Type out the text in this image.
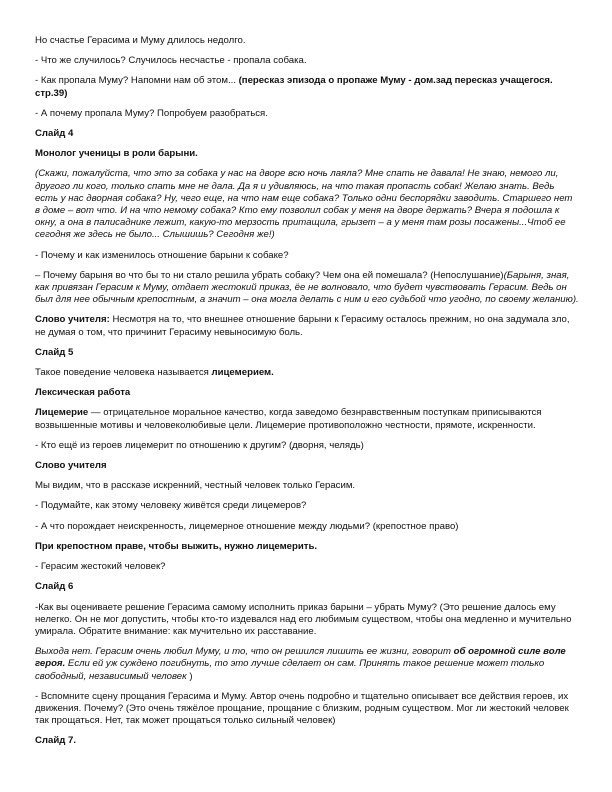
Но счастье Герасима и Муму длилось недолго.

- Что же случилось? Случилось несчастье - пропала собака.

- Как пропала Муму? Напомни нам об этом... (пересказ эпизода о пропаже Муму - дом.зад пересказ учащегося. стр.39)

- А почему пропала Муму? Попробуем разобраться.

Слайд 4

Монолог ученицы в роли барыни.

(Скажи, пожалуйста, что это за собака у нас на дворе всю ночь лаяла? Мне спать не давала! Не знаю, немого ли, другого ли кого, только спать мне не дала. Да я и удивляюсь, на что такая пропасть собак! Желаю знать. Ведь есть у нас дворная собака? Ну, чего еще, на что нам еще собака? Только одни беспорядки заводить. Старшего нет в доме – вот что. И на что немому собака? Кто ему позволил собак у меня на дворе держать? Вчера я подошла к окну, а она в палисаднике лежит, какую-то мерзость притащила, грызет – а у меня там розы посажены...Чтоб ее сегодня же здесь не было... Слышишь? Сегодня же!)

- Почему и как изменилось отношение барыни к собаке?

– Почему барыня во что бы то ни стало решила убрать собаку? Чем она ей помешала? (Непослушание)(Барыня, зная, как привязан Герасим к Муму, отдает жестокий приказ, ёе не волновало, что будет чувствовать Герасим. Ведь он был для нее обычным крепостным, а значит – она могла делать с ним и его судьбой что угодно, по своему желанию).

Слово учителя: Несмотря на то, что внешнее отношение барыни к Герасиму осталось прежним, но она задумала зло, не думая о том, что причинит Герасиму невыносимую боль.

Слайд 5

Такое поведение человека называется лицемерием.

Лексическая работа

Лицемерие — отрицательное моральное качество, когда заведомо безнравственным поступкам приписываются возвышенные мотивы и человеколюбивые цели. Лицемерие противоположно честности, прямоте, искренности.

- Кто ещё из героев лицемерит по отношению к другим? (дворня, челядь)

Слово учителя

Мы видим, что в рассказе искренний, честный человек только Герасим.

- Подумайте, как этому человеку живётся среди лицемеров?

- А что порождает неискренность, лицемерное отношение между людьми? (крепостное право)

При крепостном праве, чтобы выжить, нужно лицемерить.

- Герасим жестокий человек?

Слайд 6

-Как вы оцениваете решение Герасима самому исполнить приказ барыни – убрать Муму? (Это решение далось ему нелегко. Он не мог допустить, чтобы кто-то издевался над его любимым существом, чтобы она медленно и мучительно умирала. Обратите внимание: как мучительно их расставание.

Выхода нет. Герасим очень любил Муму, и то, что он решился лишить ее жизни, говорит об огромной силе воле героя. Если ей уж суждено погибнуть, то это лучше сделает он сам. Принять такое решение может только свободный, независимый человек )

- Вспомните сцену прощания Герасима и Муму. Автор очень подробно и тщательно описывает все действия героев, их движения. Почему? (Это очень тяжёлое прощание, прощание с близким, родным существом. Мог ли жестокий человек так прощаться. Нет, так может прощаться только сильный человек)

Слайд 7.
